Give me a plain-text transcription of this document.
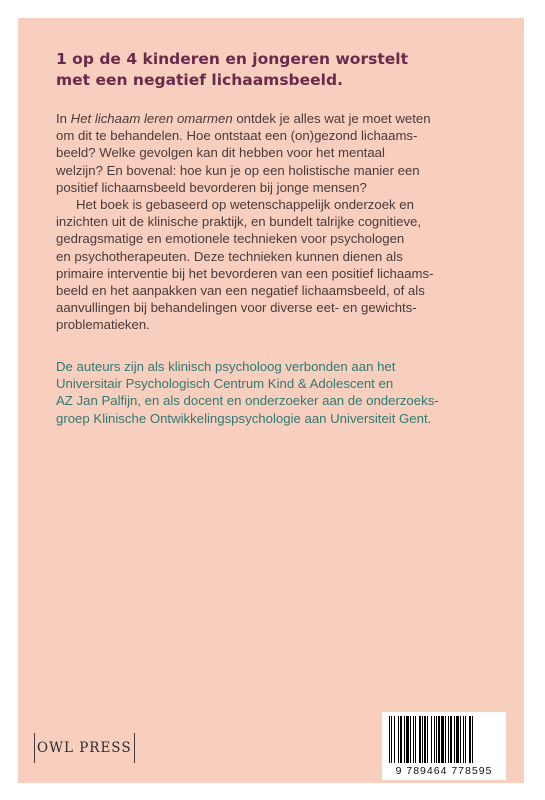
1 op de 4 kinderen en jongeren worstelt
met een negatief lichaamsbeeld.
In Het lichaam leren omarmen ontdek je alles wat je moet weten
om dit te behandelen. Hoe ontstaat een (on)gezond lichaams-
beeld? Welke gevolgen kan dit hebben voor het mentaal
welzijn? En bovenal: hoe kun je op een holistische manier een
positief lichaamsbeeld bevorderen bij jonge mensen?
Het boek is gebaseerd op wetenschappelijk onderzoek en
inzichten uit de klinische praktijk, en bundelt talrijke cognitieve,
gedragsmatige en emotionele technieken voor psychologen
en psychotherapeuten. Deze technieken kunnen dienen als
primaire interventie bij het bevorderen van een positief lichaams-
beeld en het aanpakken van een negatief lichaamsbeeld, of als
aanvullingen bij behandelingen voor diverse eet- en gewichts-
problematieken.
De auteurs zijn als klinisch psycholoog verbonden aan het
Universitair Psychologisch Centrum Kind & Adolescent en
AZ Jan Palfijn, en als docent en onderzoeker aan de onderzoeks-
groep Klinische Ontwikkelingspsychologie aan Universiteit Gent.
OWL PRESS
9 789464 778595
